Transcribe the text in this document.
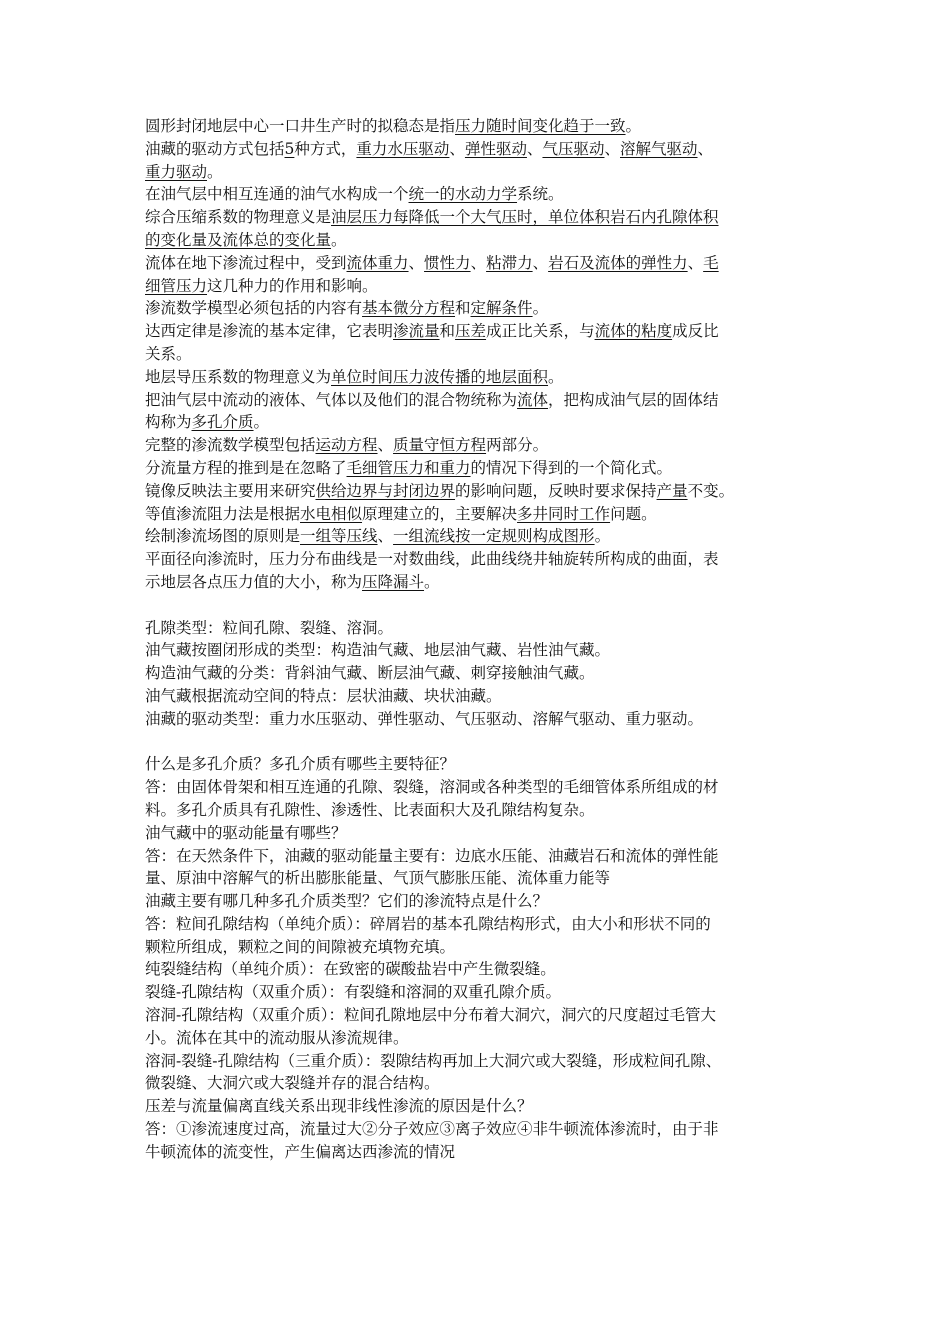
圆形封闭地层中心一口井生产时的拟稳态是指压力随时间变化趋于一致。
油藏的驱动方式包括5种方式，重力水压驱动、弹性驱动、气压驱动、溶解气驱动、
重力驱动。
在油气层中相互连通的油气水构成一个统一的水动力学系统。
综合压缩系数的物理意义是油层压力每降低一个大气压时，单位体积岩石内孔隙体积
的变化量及流体总的变化量。
流体在地下渗流过程中，受到流体重力、惯性力、粘滞力、岩石及流体的弹性力、毛
细管压力这几种力的作用和影响。
渗流数学模型必须包括的内容有基本微分方程和定解条件。
达西定律是渗流的基本定律，它表明渗流量和压差成正比关系，与流体的粘度成反比
关系。
地层导压系数的物理意义为单位时间压力波传播的地层面积。
把油气层中流动的液体、气体以及他们的混合物统称为流体，把构成油气层的固体结
构称为多孔介质。
完整的渗流数学模型包括运动方程、质量守恒方程两部分。
分流量方程的推到是在忽略了毛细管压力和重力的情况下得到的一个简化式。
镜像反映法主要用来研究供给边界与封闭边界的影响问题，反映时要求保持产量不变。
等值渗流阻力法是根据水电相似原理建立的，主要解决多井同时工作问题。
绘制渗流场图的原则是一组等压线、一组流线按一定规则构成图形。
平面径向渗流时，压力分布曲线是一对数曲线，此曲线绕井轴旋转所构成的曲面，表
示地层各点压力值的大小，称为压降漏斗。
孔隙类型：粒间孔隙、裂缝、溶洞。
油气藏按圈闭形成的类型：构造油气藏、地层油气藏、岩性油气藏。
构造油气藏的分类：背斜油气藏、断层油气藏、刺穿接触油气藏。
油气藏根据流动空间的特点：层状油藏、块状油藏。
油藏的驱动类型：重力水压驱动、弹性驱动、气压驱动、溶解气驱动、重力驱动。
什么是多孔介质？多孔介质有哪些主要特征？
答：由固体骨架和相互连通的孔隙、裂缝，溶洞或各种类型的毛细管体系所组成的材
料。多孔介质具有孔隙性、渗透性、比表面积大及孔隙结构复杂。
油气藏中的驱动能量有哪些？
答：在天然条件下，油藏的驱动能量主要有：边底水压能、油藏岩石和流体的弹性能
量、原油中溶解气的析出膨胀能量、气顶气膨胀压能、流体重力能等
油藏主要有哪几种多孔介质类型？它们的渗流特点是什么？
答：粒间孔隙结构（单纯介质）：碎屑岩的基本孔隙结构形式，由大小和形状不同的
颗粒所组成，颗粒之间的间隙被充填物充填。
纯裂缝结构（单纯介质）：在致密的碳酸盐岩中产生微裂缝。
裂缝-孔隙结构（双重介质）：有裂缝和溶洞的双重孔隙介质。
溶洞-孔隙结构（双重介质）：粒间孔隙地层中分布着大洞穴，洞穴的尺度超过毛管大
小。流体在其中的流动服从渗流规律。
溶洞-裂缝-孔隙结构（三重介质）：裂隙结构再加上大洞穴或大裂缝，形成粒间孔隙、
微裂缝、大洞穴或大裂缝并存的混合结构。
压差与流量偏离直线关系出现非线性渗流的原因是什么？
答：①渗流速度过高，流量过大②分子效应③离子效应④非牛顿流体渗流时，由于非
牛顿流体的流变性，产生偏离达西渗流的情况
